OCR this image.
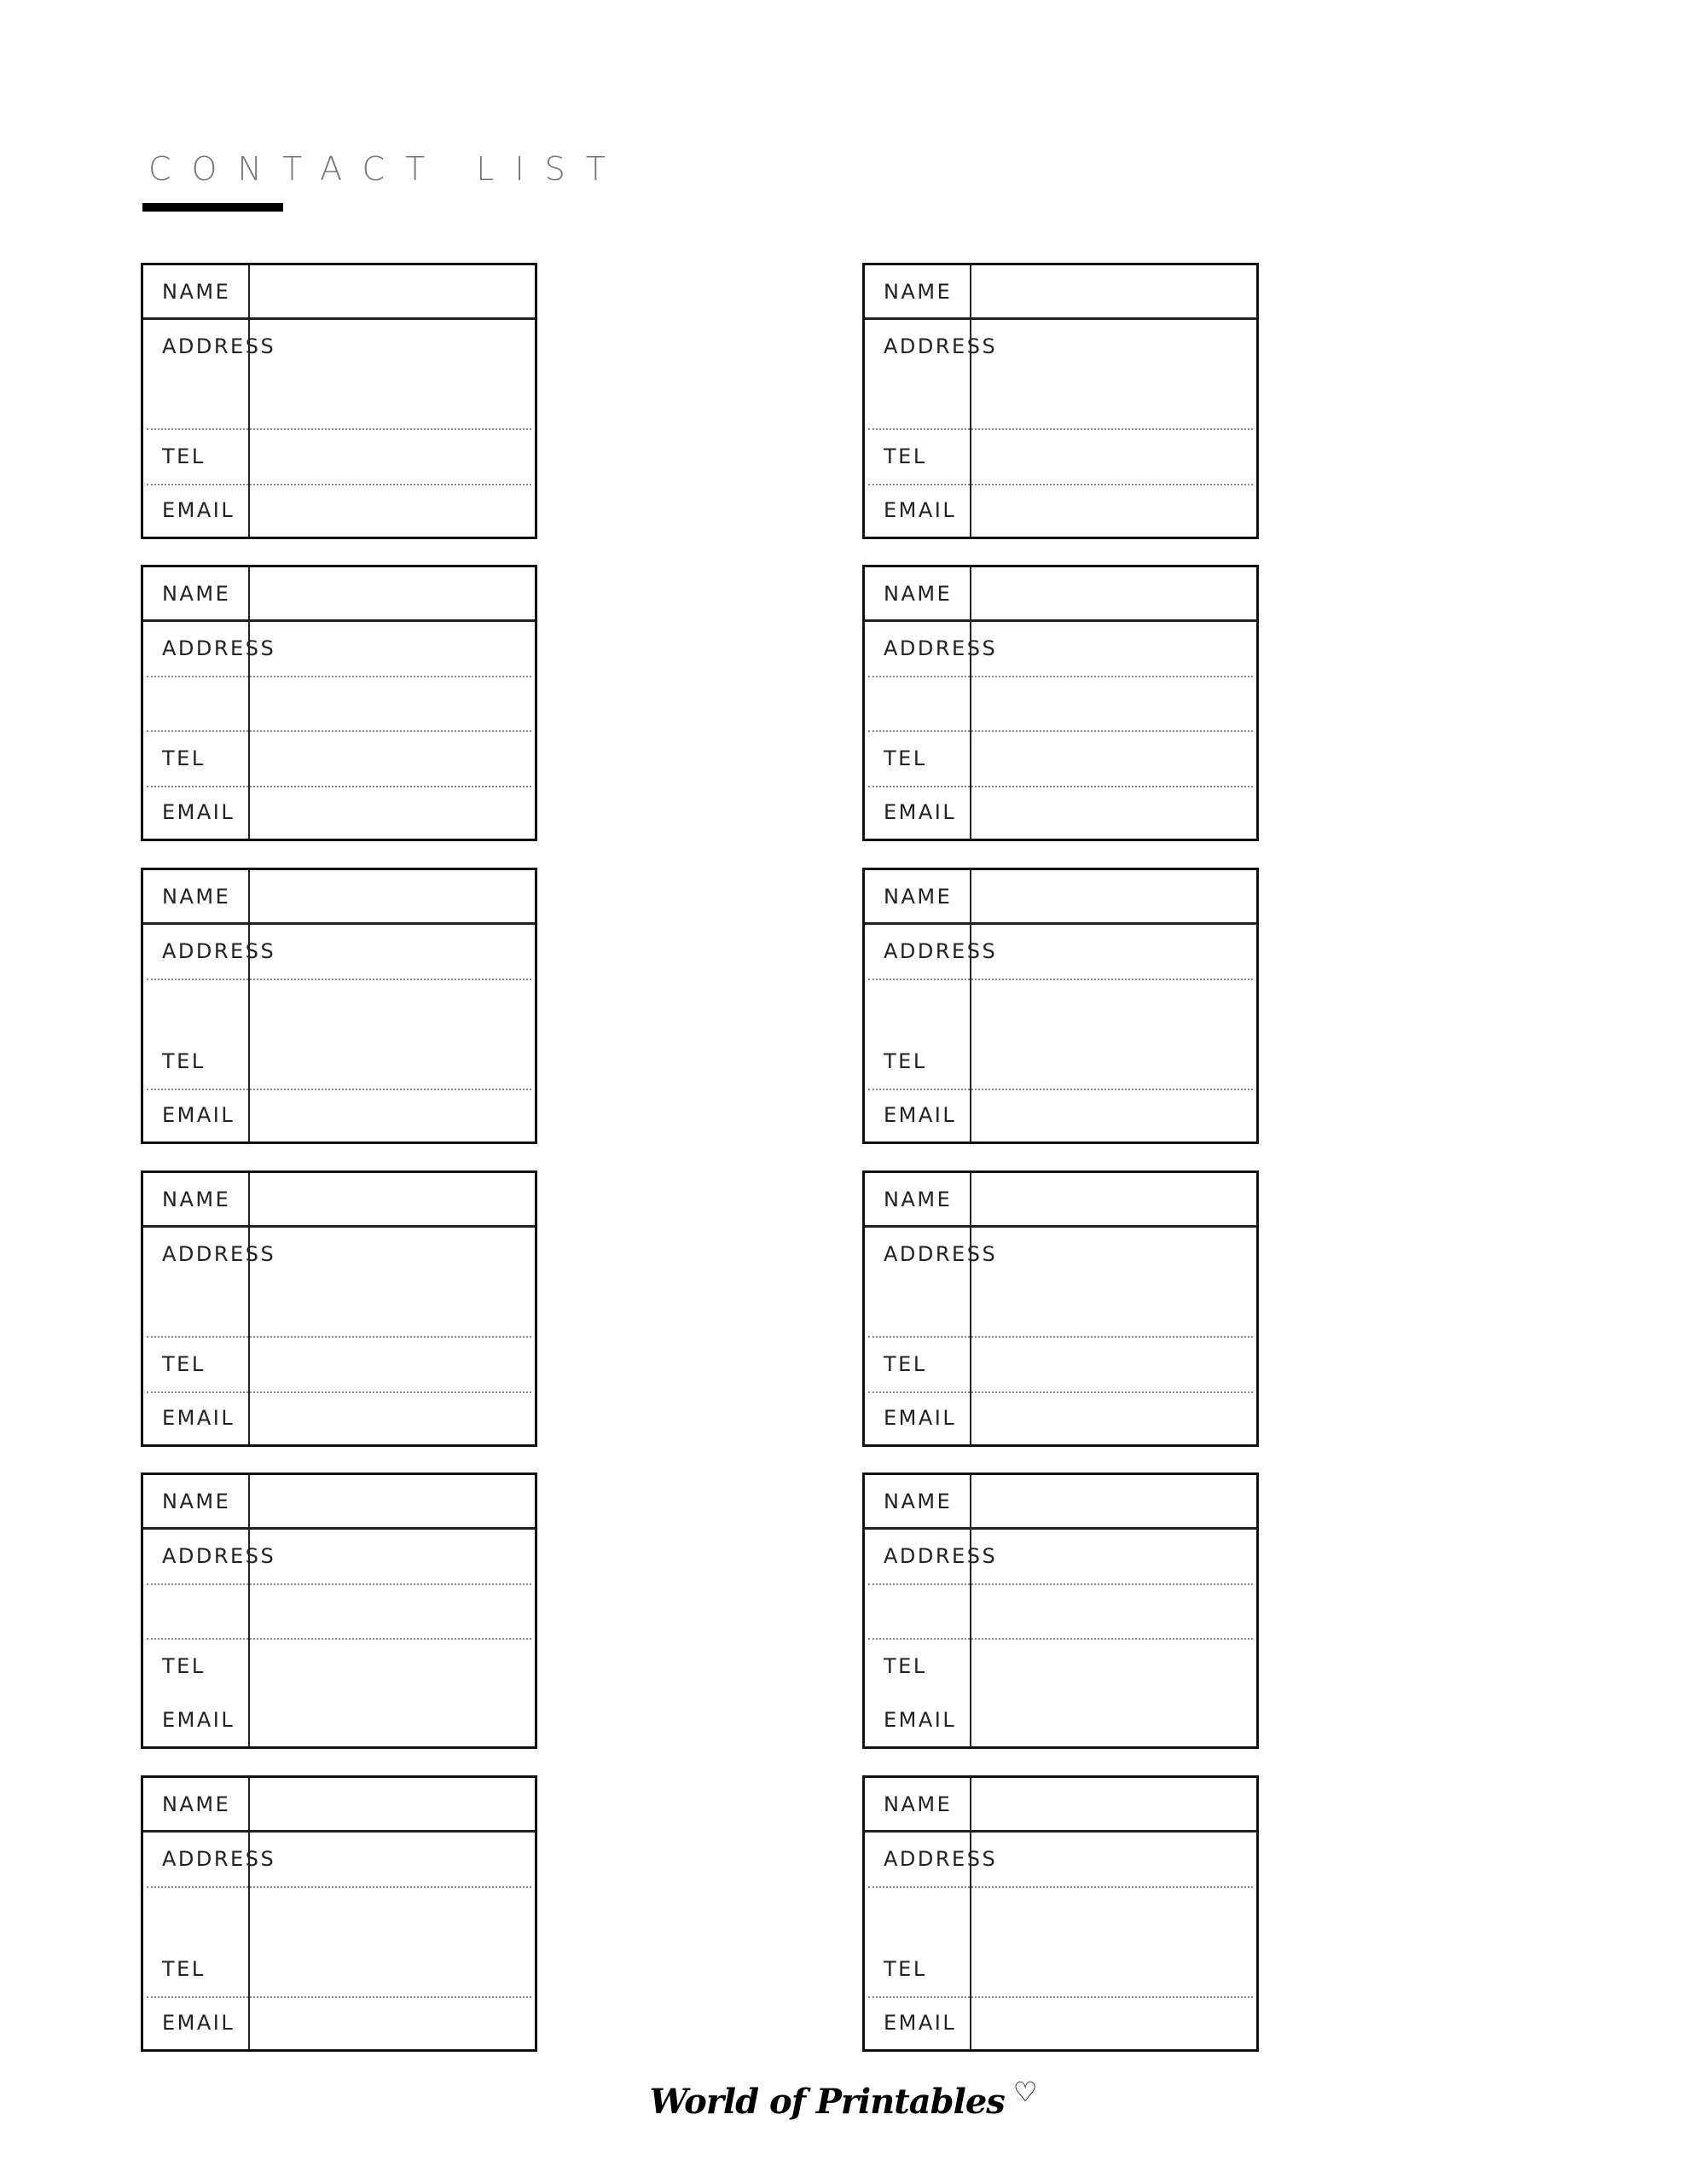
CONTACT LIST
NAME
ADDRESS
TEL
EMAIL
NAME
ADDRESS
TEL
EMAIL
NAME
ADDRESS
TEL
EMAIL
NAME
ADDRESS
TEL
EMAIL
NAME
ADDRESS
TEL
EMAIL
NAME
ADDRESS
TEL
EMAIL
NAME
ADDRESS
TEL
EMAIL
NAME
ADDRESS
TEL
EMAIL
NAME
ADDRESS
TEL
EMAIL
NAME
ADDRESS
TEL
EMAIL
NAME
ADDRESS
TEL
EMAIL
NAME
ADDRESS
TEL
EMAIL
World of Printables ♡
